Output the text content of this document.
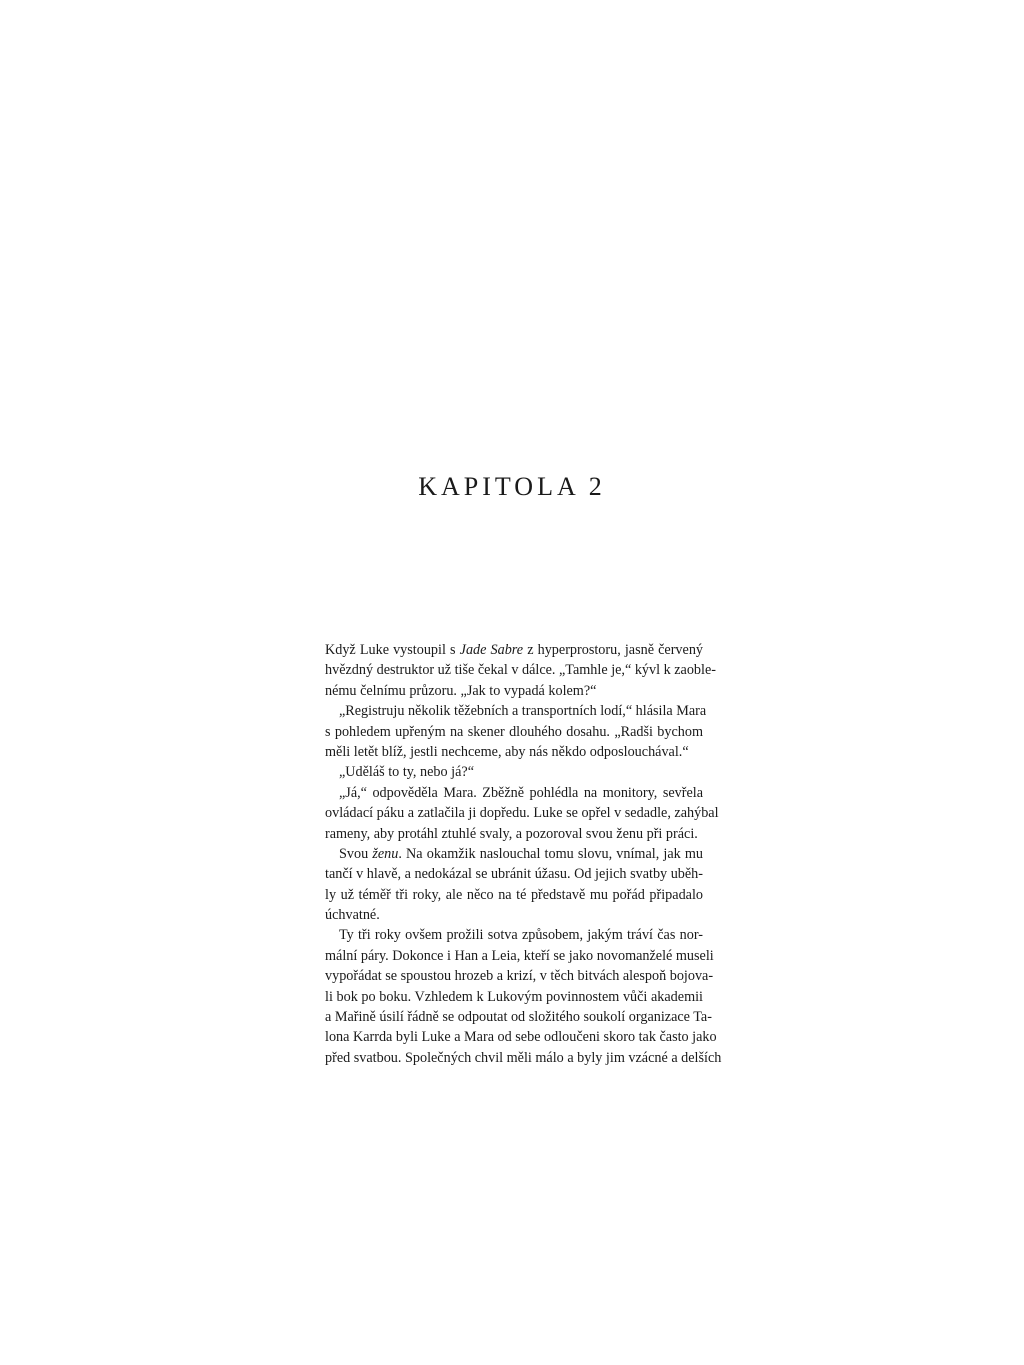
KAPITOLA 2
Když Luke vystoupil s Jade Sabre z hyperprostoru, jasně červený
hvězdný destruktor už tiše čekal v dálce. „Tamhle je,“ kývl k zaoble-
nému čelnímu průzoru. „Jak to vypadá kolem?“
„Registruju několik těžebních a transportních lodí,“ hlásila Mara
s pohledem upřeným na skener dlouhého dosahu. „Radši bychom
měli letět blíž, jestli nechceme, aby nás někdo odposlouchával.“
„Uděláš to ty, nebo já?“
„Já,“ odpověděla Mara. Zběžně pohlédla na monitory, sevřela
ovládací páku a zatlačila ji dopředu. Luke se opřel v sedadle, zahýbal
rameny, aby protáhl ztuhlé svaly, a pozoroval svou ženu při práci.
Svou ženu. Na okamžik naslouchal tomu slovu, vnímal, jak mu
tančí v hlavě, a nedokázal se ubránit úžasu. Od jejich svatby uběh-
ly už téměř tři roky, ale něco na té představě mu pořád připadalo
úchvatné.
Ty tři roky ovšem prožili sotva způsobem, jakým tráví čas nor-
mální páry. Dokonce i Han a Leia, kteří se jako novomanželé museli
vypořádat se spoustou hrozeb a krizí, v těch bitvách alespoň bojova-
li bok po boku. Vzhledem k Lukovým povinnostem vůči akademii
a Mařině úsilí řádně se odpoutat od složitého soukolí organizace Ta-
lona Karrda byli Luke a Mara od sebe odloučeni skoro tak často jako
před svatbou. Společných chvil měli málo a byly jim vzácné a delších
